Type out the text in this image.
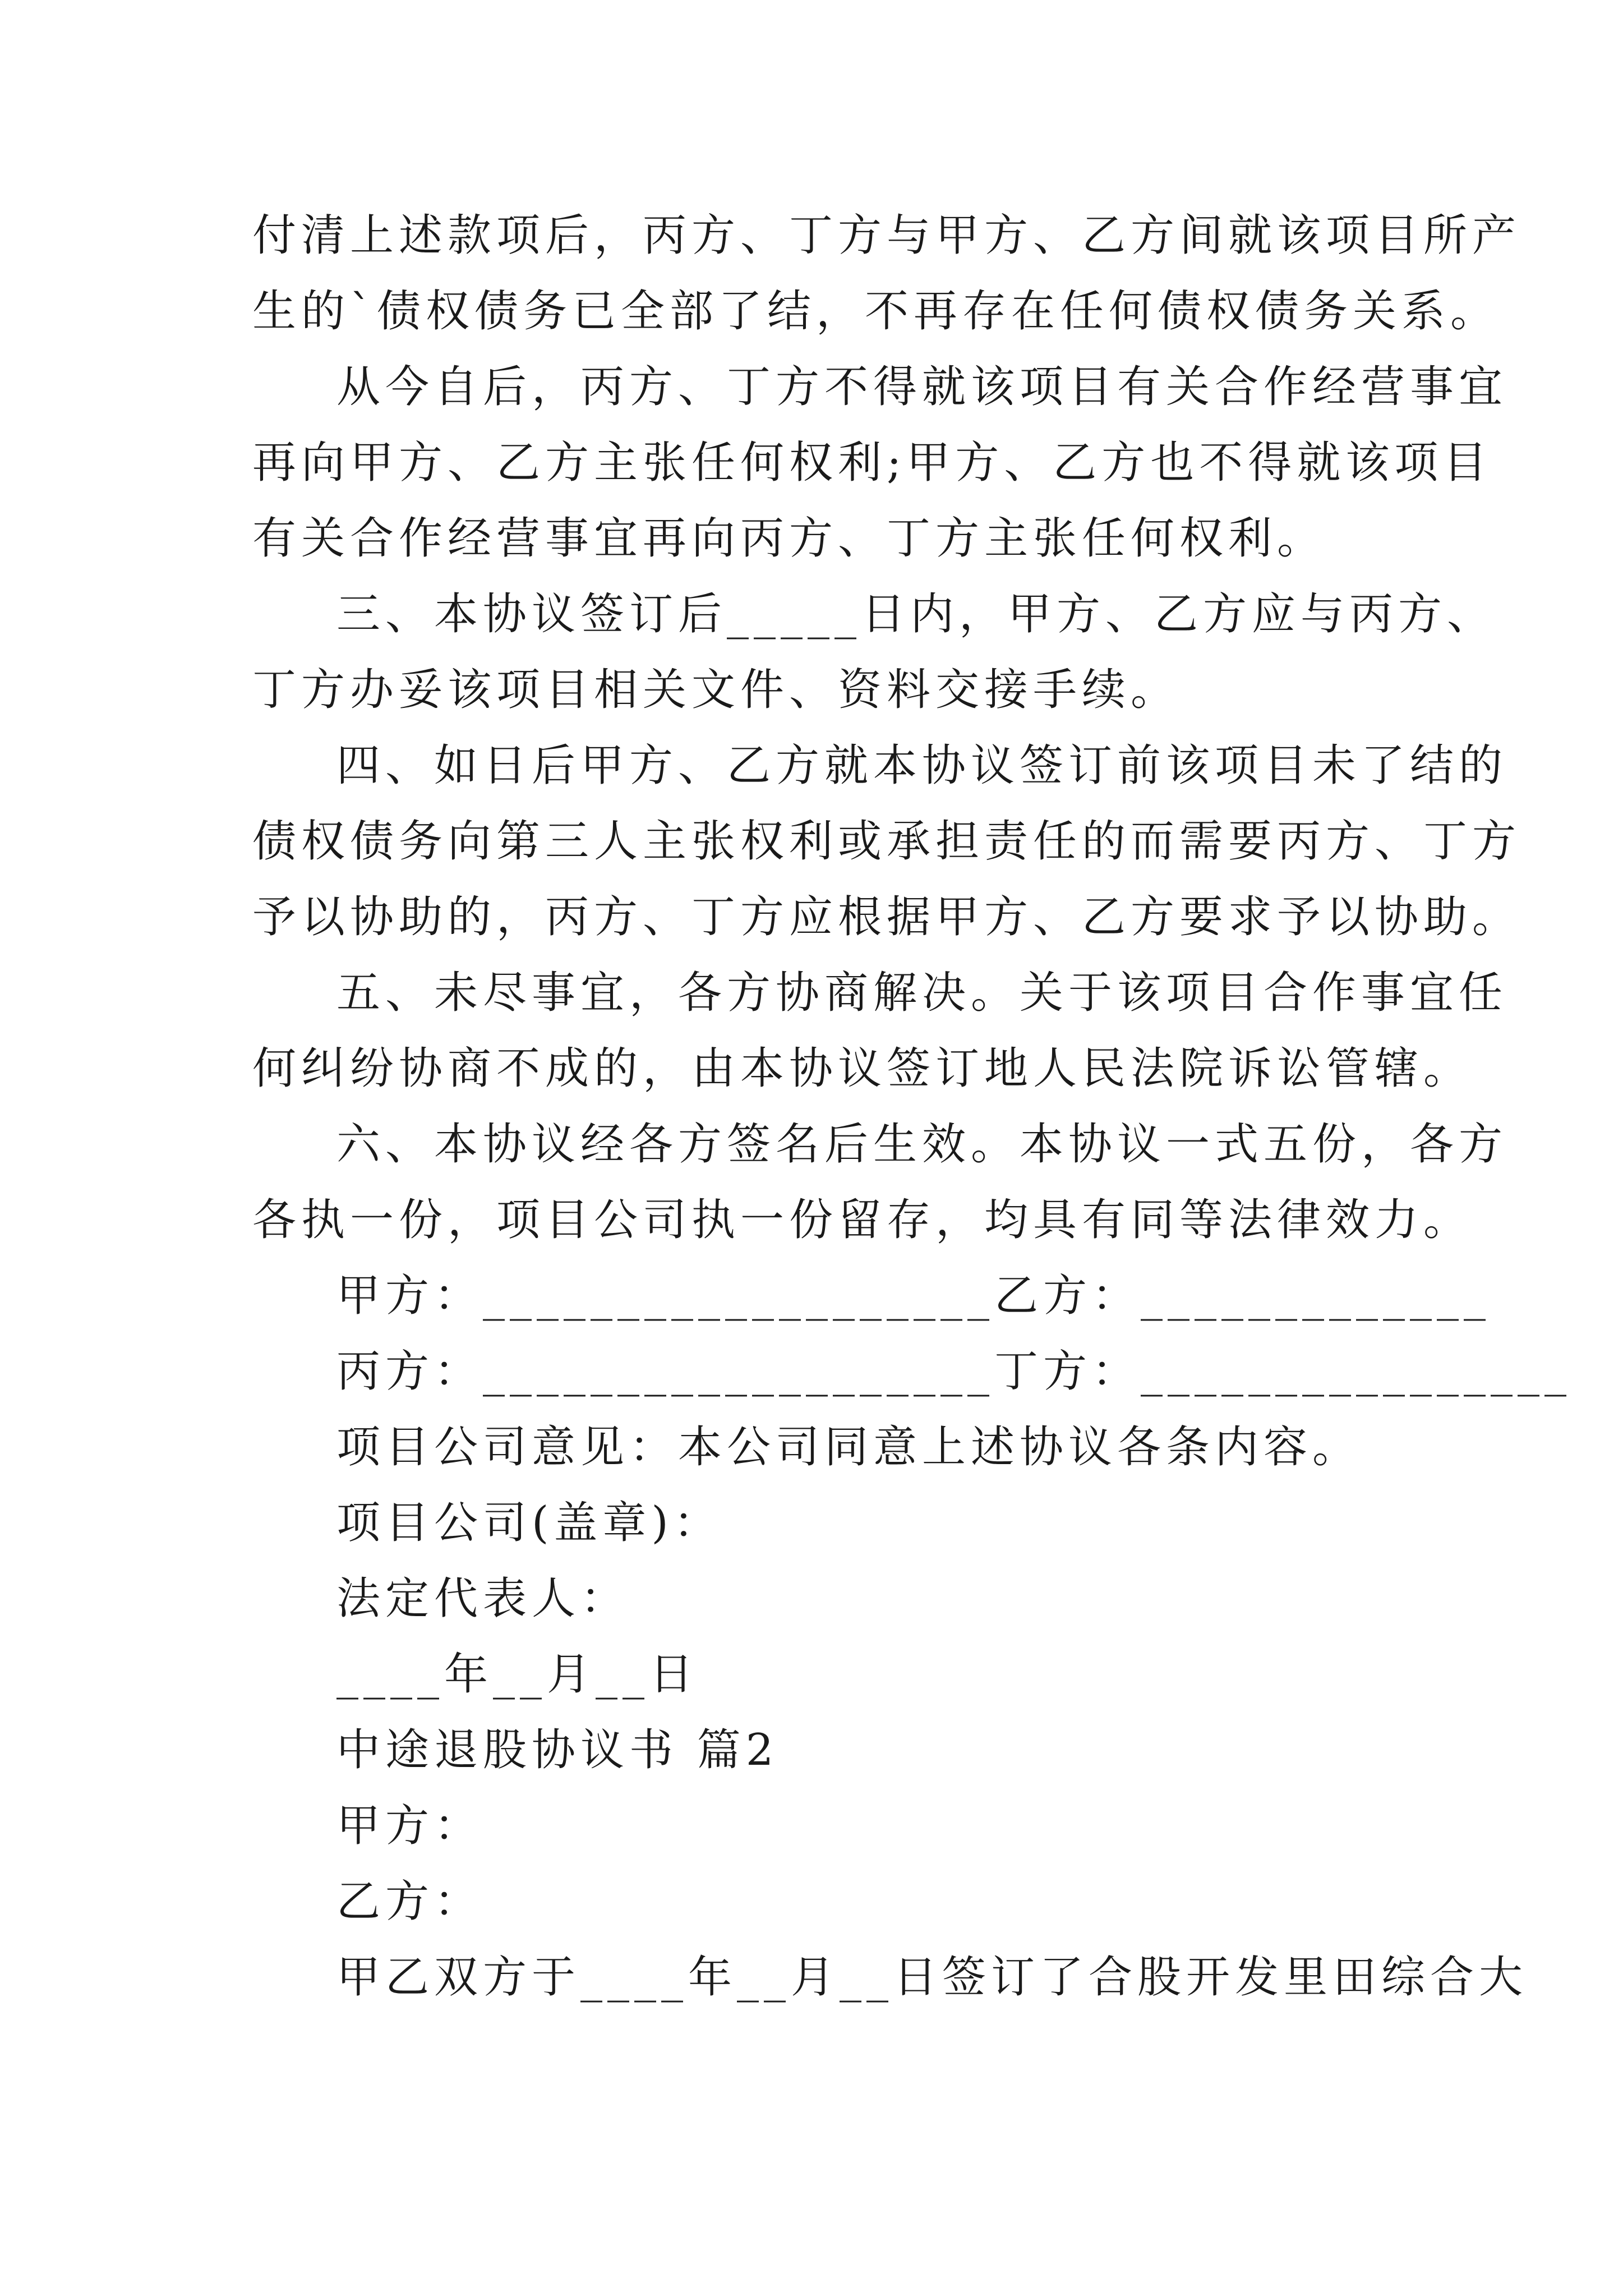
付清上述款项后，丙方、丁方与甲方、乙方间就该项目所产
生的`债权债务已全部了结，不再存在任何债权债务关系。
从今自后，丙方、丁方不得就该项目有关合作经营事宜
再向甲方、乙方主张任何权利;甲方、乙方也不得就该项目
有关合作经营事宜再向丙方、丁方主张任何权利。
三、本协议签订后_____日内，甲方、乙方应与丙方、
丁方办妥该项目相关文件、资料交接手续。
四、如日后甲方、乙方就本协议签订前该项目未了结的
债权债务向第三人主张权利或承担责任的而需要丙方、丁方
予以协助的，丙方、丁方应根据甲方、乙方要求予以协助。
五、未尽事宜，各方协商解决。关于该项目合作事宜任
何纠纷协商不成的，由本协议签订地人民法院诉讼管辖。
六、本协议经各方签名后生效。本协议一式五份，各方
各执一份，项目公司执一份留存，均具有同等法律效力。
甲方：___________________乙方：_____________
丙方：___________________丁方：________________
项目公司意见：本公司同意上述协议各条内容。
项目公司(盖章)：
法定代表人：
____年__月__日
中途退股协议书 篇2
甲方：
乙方：
甲乙双方于____年__月__日签订了合股开发里田综合大
